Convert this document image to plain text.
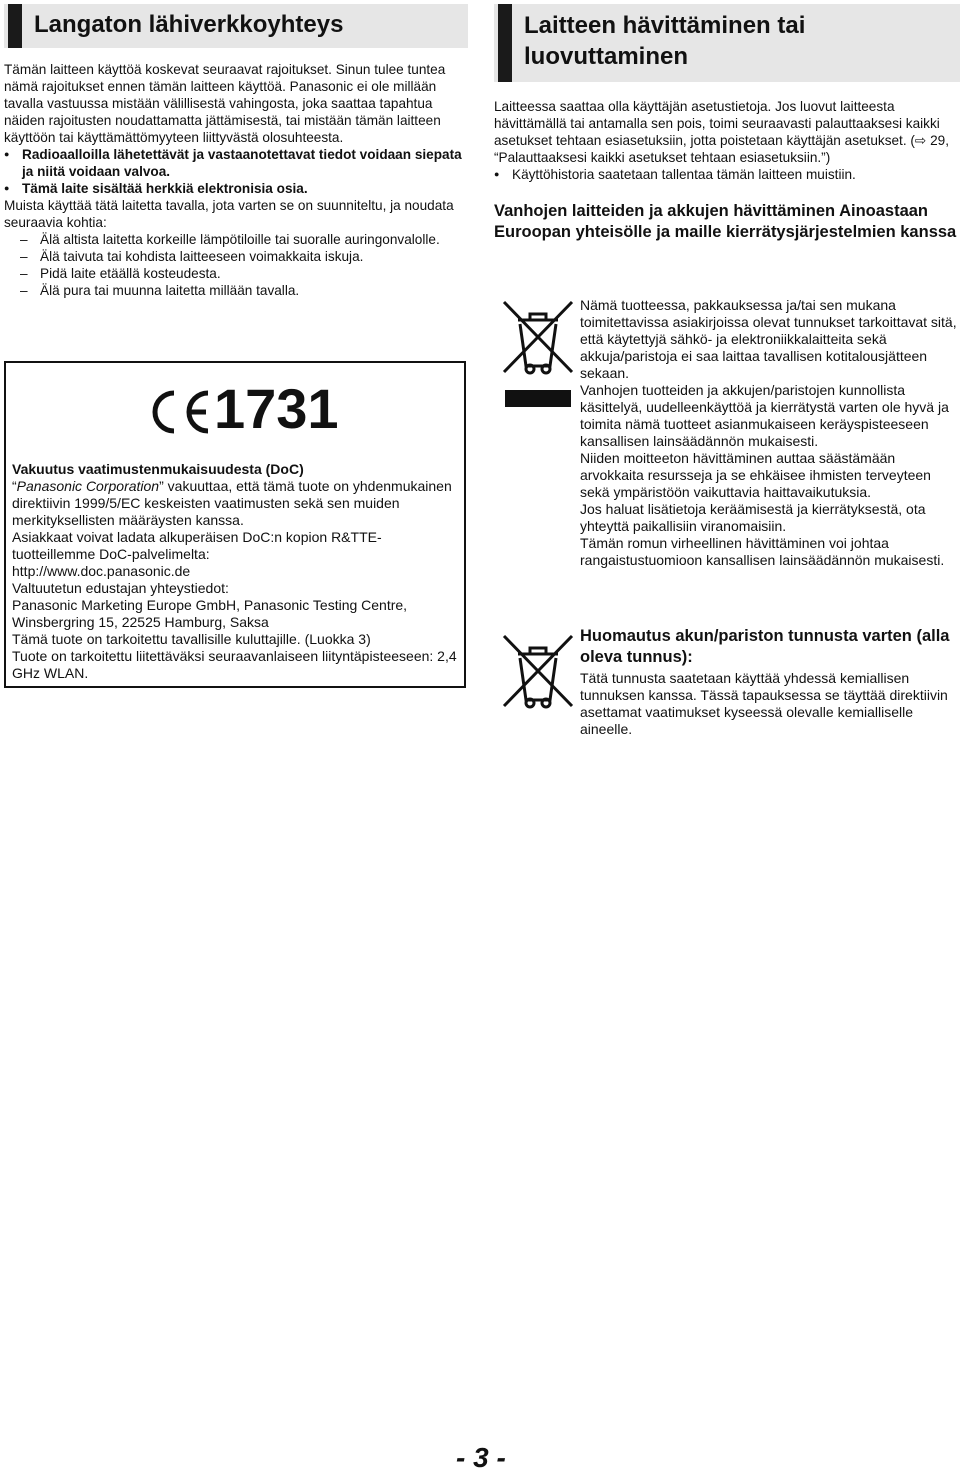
Langaton lähiverkkoyhteys

Tämän laitteen käyttöä koskevat seuraavat rajoitukset. Sinun tulee tuntea nämä rajoitukset ennen tämän laitteen käyttöä. Panasonic ei ole millään tavalla vastuussa mistään välillisestä vahingosta, joka saattaa tapahtua näiden rajoitusten noudattamatta jättämisestä, tai mistään tämän laitteen käyttöön tai käyttämättömyyteen liittyvästä olosuhteesta.

● Radioaalloilla lähetettävät ja vastaanotettavat tiedot voidaan siepata ja niitä voidaan valvoa.

● Tämä laite sisältää herkkiä elektronisia osia.

Muista käyttää tätä laitetta tavalla, jota varten se on suunniteltu, ja noudata seuraavia kohtia:

– Älä altista laitetta korkeille lämpötiloille tai suoralle auringonvalolle.

– Älä taivuta tai kohdista laitteeseen voimakkaita iskuja.

– Pidä laite etäällä kosteudesta.

– Älä pura tai muunna laitetta millään tavalla.

1731

Vakuutus vaatimustenmukaisuudesta (DoC)

“Panasonic Corporation” vakuuttaa, että tämä tuote on yhdenmukainen direktiivin 1999/5/EC keskeisten vaatimusten sekä sen muiden merkityksellisten määräysten kanssa.

Asiakkaat voivat ladata alkuperäisen DoC:n kopion R&TTE-tuotteillemme DoC-palvelimelta:

http://www.doc.panasonic.de

Valtuutetun edustajan yhteystiedot:

Panasonic Marketing Europe GmbH, Panasonic Testing Centre, Winsbergring 15, 22525 Hamburg, Saksa

Tämä tuote on tarkoitettu tavallisille kuluttajille. (Luokka 3)

Tuote on tarkoitettu liitettäväksi seuraavanlaiseen liityntäpisteeseen: 2,4 GHz WLAN.

Laitteen hävittäminen tai luovuttaminen

Laitteessa saattaa olla käyttäjän asetustietoja. Jos luovut laitteesta hävittämällä tai antamalla sen pois, toimi seuraavasti palauttaaksesi kaikki asetukset tehtaan esiasetuksiin, jotta poistetaan käyttäjän asetukset. (⇨ 29, “Palauttaaksesi kaikki asetukset tehtaan esiasetuksiin.”)

● Käyttöhistoria saatetaan tallentaa tämän laitteen muistiin.

Vanhojen laitteiden ja akkujen hävittäminen Ainoastaan Euroopan yhteisölle ja maille kierrätysjärjestelmien kanssa

Nämä tuotteessa, pakkauksessa ja/tai sen mukana toimitettavissa asiakirjoissa olevat tunnukset tarkoittavat sitä, että käytettyjä sähkö- ja elektroniikkalaitteita sekä akkuja/paristoja ei saa laittaa tavallisen kotitalousjätteen sekaan.

Vanhojen tuotteiden ja akkujen/paristojen kunnollista käsittelyä, uudelleenkäyttöä ja kierrätystä varten ole hyvä ja toimita nämä tuotteet asianmukaiseen keräyspisteeseen kansallisen lainsäädännön mukaisesti.

Niiden moitteeton hävittäminen auttaa säästämään arvokkaita resursseja ja se ehkäisee ihmisten terveyteen sekä ympäristöön vaikuttavia haittavaikutuksia.

Jos haluat lisätietoja keräämisestä ja kierrätyksestä, ota yhteyttä paikallisiin viranomaisiin.

Tämän romun virheellinen hävittäminen voi johtaa rangaistustuomioon kansallisen lainsäädännön mukaisesti.

Huomautus akun/pariston tunnusta varten (alla oleva tunnus):

Tätä tunnusta saatetaan käyttää yhdessä kemiallisen tunnuksen kanssa. Tässä tapauksessa se täyttää direktiivin asettamat vaatimukset kyseessä olevalle kemialliselle aineelle.

- 3 -
